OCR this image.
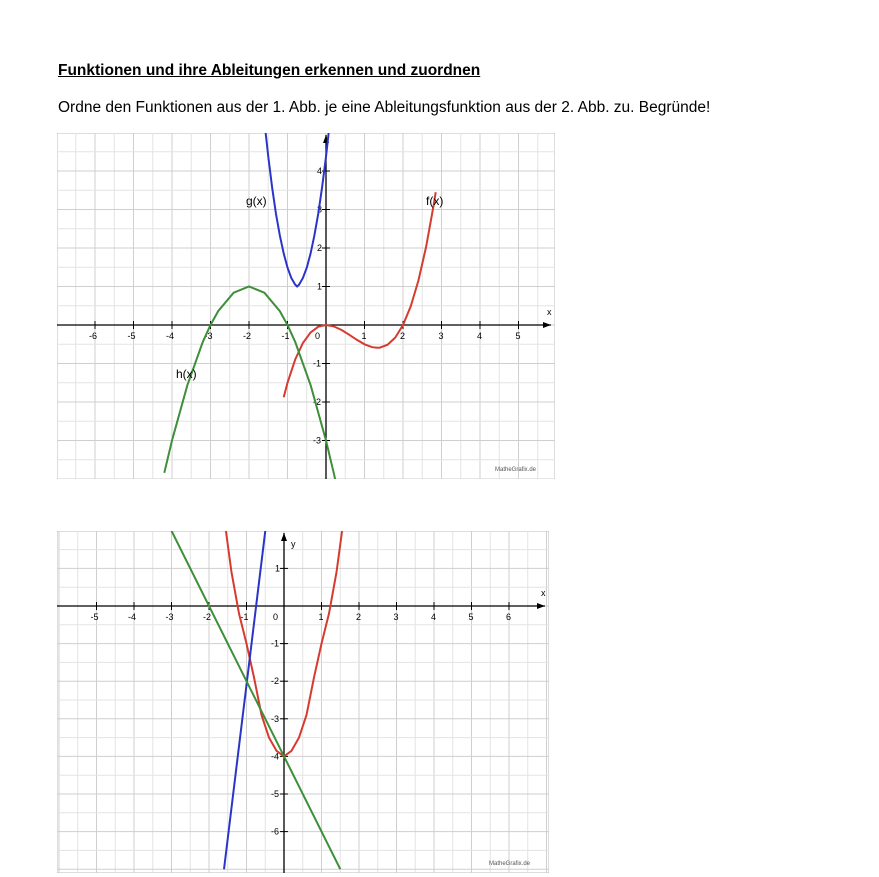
Funktionen und ihre Ableitungen erkennen und zuordnen
Ordne den Funktionen aus der 1. Abb. je eine Ableitungsfunktion aus der 2. Abb. zu. Begründe!
x
-6	-5	-4	-3	-2	-1	0	1	2	3	4	5
-3
-2
-1
1
2
3
4
f(x)
g(x)
h(x)
MatheGrafix.de
x
y
-5	-4	-3	-2	-1	0	1	2	3	4	5	6
-6
-5
-4
-3
-2
-1
1
MatheGrafix.de
